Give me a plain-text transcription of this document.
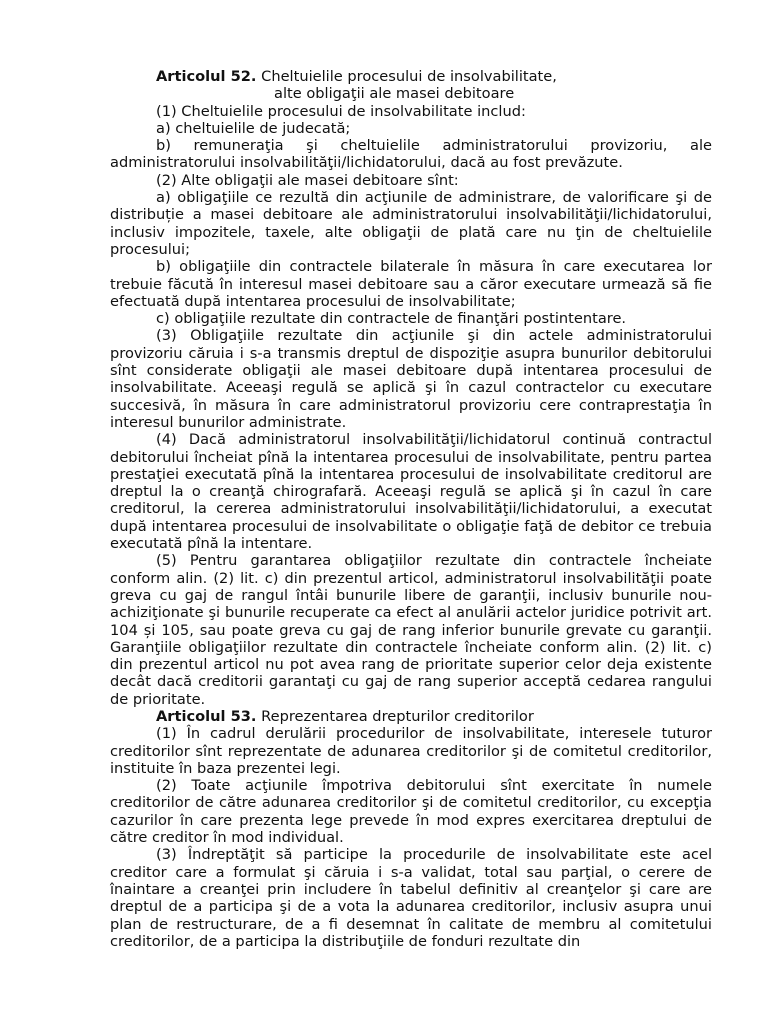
Articolul 52. Cheltuielile procesului de insolvabilitate,

alte obligaţii ale masei debitoare

(1) Cheltuielile procesului de insolvabilitate includ:

a) cheltuielile de judecată;

b) remuneraţia şi cheltuielile administratorului provizoriu, ale administratorului insolvabilităţii/lichidatorului, dacă au fost prevăzute.

(2) Alte obligaţii ale masei debitoare sînt:

a) obligaţiile ce rezultă din acţiunile de administrare, de valorificare şi de distribuție a masei debitoare ale administratorului insolvabilităţii/lichidatorului, inclusiv impozitele, taxele, alte obligaţii de plată care nu ţin de cheltuielile procesului;

b) obligaţiile din contractele bilaterale în măsura în care executarea lor trebuie făcută în interesul masei debitoare sau a căror executare urmează să fie efectuată după intentarea procesului de insolvabilitate;

c) obligaţiile rezultate din contractele de finanţări postintentare.

(3) Obligaţiile rezultate din acţiunile şi din actele administratorului provizoriu căruia i s-a transmis dreptul de dispoziţie asupra bunurilor debitorului sînt considerate obligaţii ale masei debitoare după intentarea procesului de insolvabilitate. Aceeaşi regulă se aplică şi în cazul contractelor cu executare succesivă, în măsura în care administratorul provizoriu cere contraprestaţia în interesul bunurilor administrate.

(4) Dacă administratorul insolvabilităţii/lichidatorul continuă contractul debitorului încheiat pînă la intentarea procesului de insolvabilitate, pentru partea prestaţiei executată pînă la intentarea procesului de insolvabilitate creditorul are dreptul la o creanţă chirografară. Aceeaşi regulă se aplică şi în cazul în care creditorul, la cererea administratorului insolvabilităţii/lichidatorului, a executat după intentarea procesului de insolvabilitate o obligaţie faţă de debitor ce trebuia executată pînă la intentare.

(5) Pentru garantarea obligaţiilor rezultate din contractele încheiate conform alin. (2) lit. c) din prezentul articol, administratorul insolvabilităţii poate greva cu gaj de rangul întâi bunurile libere de garanţii, inclusiv bunurile nou-achiziţionate şi bunurile recuperate ca efect al anulării actelor juridice potrivit art. 104 și 105, sau poate greva cu gaj de rang inferior bunurile grevate cu garanţii. Garanţiile obligaţiilor rezultate din contractele încheiate conform alin. (2) lit. c) din prezentul articol nu pot avea rang de prioritate superior celor deja existente decât dacă creditorii garantaţi cu gaj de rang superior acceptă cedarea rangului de prioritate.

Articolul 53. Reprezentarea drepturilor creditorilor

(1) În cadrul derulării procedurilor de insolvabilitate, interesele tuturor creditorilor sînt reprezentate de adunarea creditorilor şi de comitetul creditorilor, instituite în baza prezentei legi.

(2) Toate acţiunile împotriva debitorului sînt exercitate în numele creditorilor de către adunarea creditorilor şi de comitetul creditorilor, cu excepţia cazurilor în care prezenta lege prevede în mod expres exercitarea dreptului de către creditor în mod individual.

(3) Îndreptăţit să participe la procedurile de insolvabilitate este acel creditor care a formulat şi căruia i s-a validat, total sau parţial, o cerere de înaintare a creanţei prin includere în tabelul definitiv al creanţelor şi care are dreptul de a participa şi de a vota la adunarea creditorilor, inclusiv asupra unui plan de restructurare, de a fi desemnat în calitate de membru al comitetului creditorilor, de a participa la distribuţiile de fonduri rezultate din
